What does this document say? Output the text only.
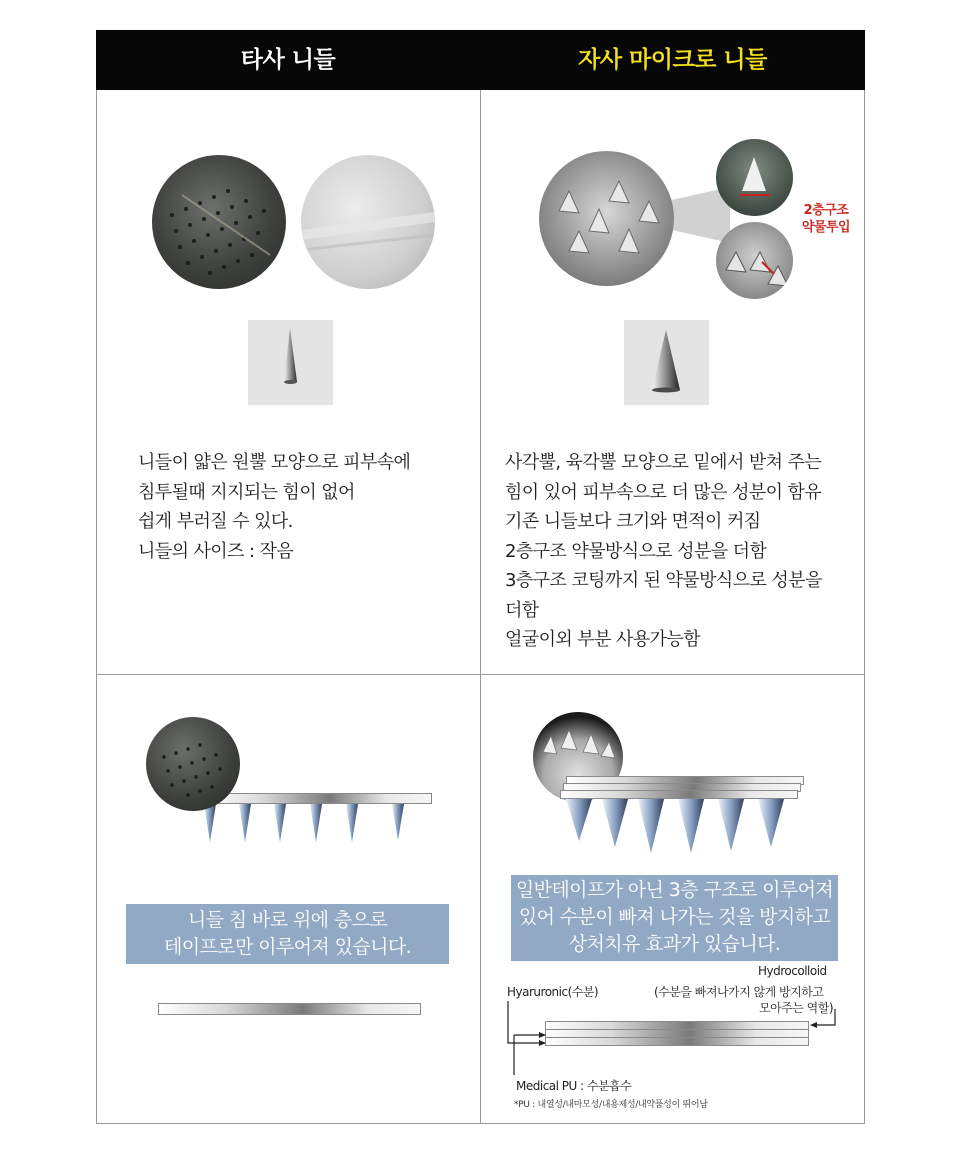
타사 니들	자사 마이크로 니들
니들이 얇은 원뿔 모양으로 피부속에
침투될때 지지되는 힘이 없어
쉽게 부러질 수 있다.
니들의 사이즈 : 작음
2층구조
약물투입
사각뿔, 육각뿔 모양으로 밑에서 받쳐 주는
힘이 있어 피부속으로 더 많은 성분이 함유
기존 니들보다 크기와 면적이 커짐
2층구조 약물방식으로 성분을 더함
3층구조 코팅까지 된 약물방식으로 성분을
더함
얼굴이외 부분 사용가능함
니들 침 바로 위에 층으로
테이프로만 이루어져 있습니다.
일반테이프가 아닌 3층 구조로 이루어져
있어 수분이 빠져 나가는 것을 방지하고
상처치유 효과가 있습니다.
Hydrocolloid
(수분을 빠져나가지 않게 방지하고
모아주는 역할)
Hyaruronic(수분)
Medical PU : 수분흡수
*PU : 내열성/내마모성/내용제성/내약품성이 뛰어남
